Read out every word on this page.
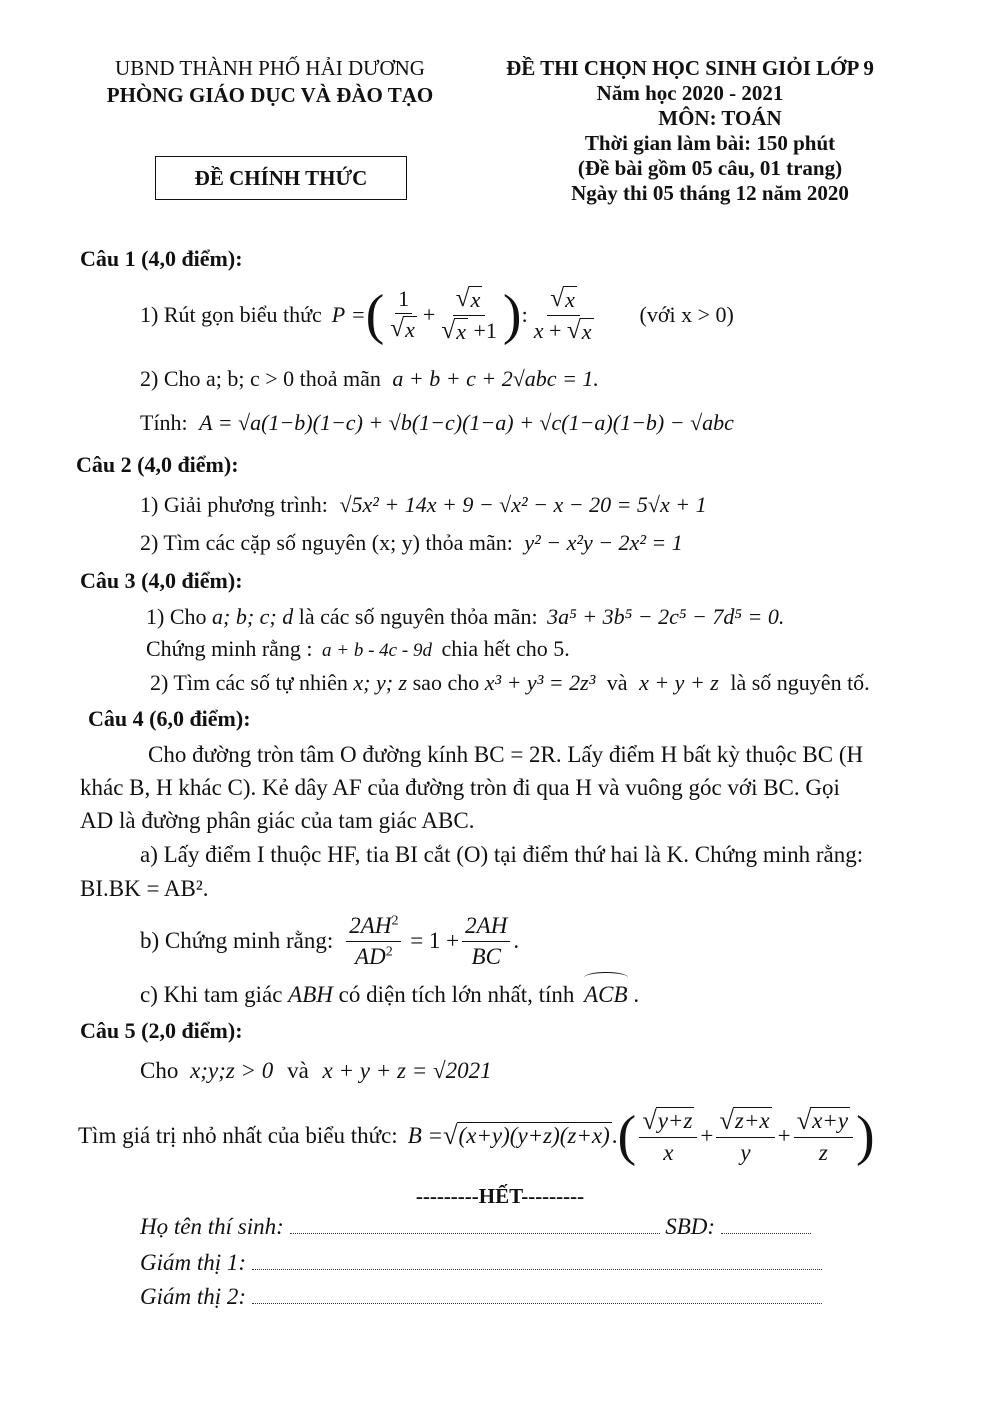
UBND THÀNH PHỐ HẢI DƯƠNG
PHÒNG GIÁO DỤC VÀ ĐÀO TẠO
ĐỀ CHÍNH THỨC
ĐỀ THI CHỌN HỌC SINH GIỎI LỚP 9
Năm học 2020 - 2021
MÔN: TOÁN
Thời gian làm bài: 150 phút
(Đề bài gồm 05 câu, 01 trang)
Ngày thi 05 tháng 12 năm 2020
Câu 1 (4,0 điểm):
1) Rút gọn biểu thức P = ( $\frac{1}{√ x} + \frac{√ x}{√ x +1}$ ) : $\frac{√ x}{x + √ x}$ (với x > 0)
2) Cho a; b; c > 0 thoả mãn a + b + c + 2√abc = 1.
Tính: A = √a(1−b)(1−c) + √b(1−c)(1−a) + √c(1−a)(1−b) − √abc
Câu 2 (4,0 điểm):
1) Giải phương trình: √5x² + 14x + 9 − √x² − x − 20 = 5√x + 1
2) Tìm các cặp số nguyên (x; y) thỏa mãn: y² − x²y − 2x² = 1
Câu 3 (4,0 điểm):
1) Cho a; b; c; d là các số nguyên thỏa mãn: 3a⁵ + 3b⁵ − 2c⁵ − 7d⁵ = 0.
Chứng minh rằng : a + b - 4c - 9d chia hết cho 5.
2) Tìm các số tự nhiên x; y; z sao cho x³ + y³ = 2z³ và x + y + z là số nguyên tố.
Câu 4 (6,0 điểm):
Cho đường tròn tâm O đường kính BC = 2R. Lấy điểm H bất kỳ thuộc BC (H
khác B, H khác C). Kẻ dây AF của đường tròn đi qua H và vuông góc với BC. Gọi
AD là đường phân giác của tam giác ABC.
a) Lấy điểm I thuộc HF, tia BI cắt (O) tại điểm thứ hai là K. Chứng minh rằng:
BI.BK = AB².
b) Chứng minh rằng: $\frac{2AH^2}{AD^2} = 1 + \frac{2AH}{BC}$ .
c) Khi tam giác ABH có diện tích lớn nhất, tính ACB .
Câu 5 (2,0 điểm):
Cho x;y;z > 0 và x + y + z = √2021
Tìm giá trị nhỏ nhất của biểu thức: B = √ (x+y)(y+z)(z+x) . ( $\frac{√ y+z}{x} + \frac{√ z+x}{y} + \frac{√ x+y}{z}$ )
---------HẾT---------
Họ tên thí sinh:	SBD:
Giám thị 1:
Giám thị 2:
